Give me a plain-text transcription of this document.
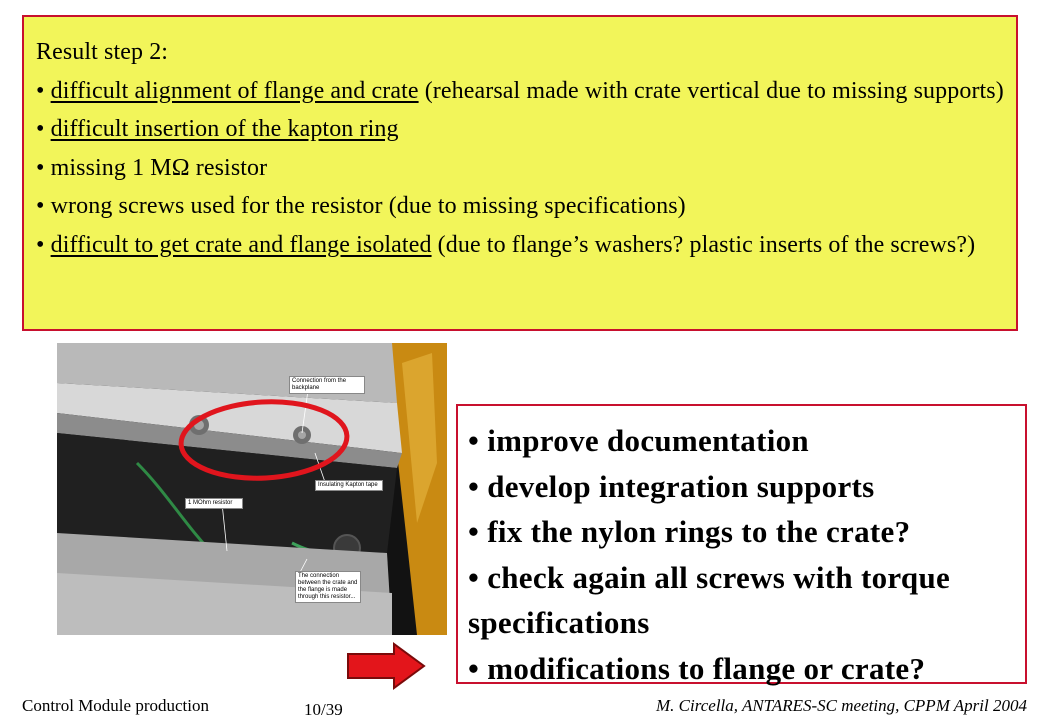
Result step 2:

• difficult alignment of flange and crate (rehearsal made with crate vertical due to missing supports)

• difficult insertion of the kapton ring

• missing 1 MΩ resistor

• wrong screws used for the resistor (due to missing specifications)

• difficult to get crate and flange isolated (due to flange’s washers? plastic inserts of the screws?)

Connection from the backplane
1 MOhm resistor
Insulating Kapton tape
The connection between the crate and the flange is made through this resistor...

• improve documentation

• develop integration supports

• fix the nylon rings to the crate?

• check again all screws with torque specifications

• modifications to flange or crate?

Control Module production	10/39	M. Circella, ANTARES-SC meeting, CPPM April 2004
